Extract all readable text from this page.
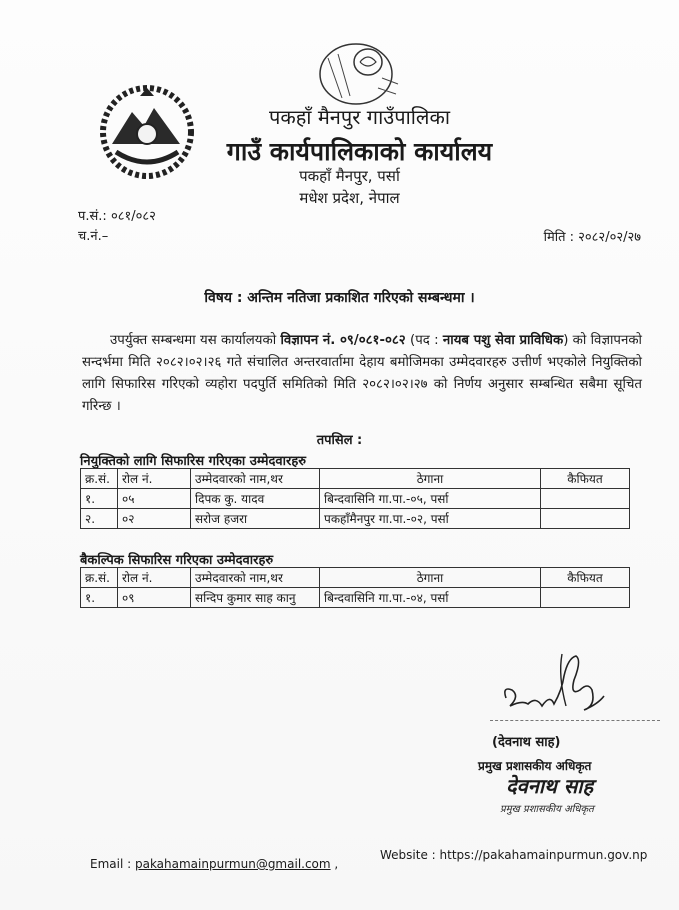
पकहाँ मैनपुर गाउँपालिका
गाउँ कार्यपालिकाको कार्यालय
पकहाँ मैनपुर, पर्सा
मधेश प्रदेश, नेपाल
प.सं.: ०८१/०८२
च.नं.–	मिति : २०८२/०२/२७
विषय : अन्तिम नतिजा प्रकाशित गरिएको सम्बन्धमा ।
उपर्युक्त सम्बन्धमा यस कार्यालयको विज्ञापन नं. ०९/०८१-०८२ (पद : नायब पशु सेवा प्राविधिक) को विज्ञापनको सन्दर्भमा मिति २०८२।०२।२६ गते संचालित अन्तरवार्तामा देहाय बमोजिमका उम्मेदवारहरु उत्तीर्ण भएकोले नियुक्तिको लागि सिफारिस गरिएको व्यहोरा पदपुर्ति समितिको मिति २०८२।०२।२७ को निर्णय अनुसार सम्बन्धित सबैमा सूचित गरिन्छ ।
तपसिल :
नियुक्तिको लागि सिफारिस गरिएका उम्मेदवारहरु
क्र.सं.	रोल नं.	उम्मेदवारको नाम,थर	ठेगाना	कैफियत
१.	०५	दिपक कु. यादव	बिन्दवासिनि गा.पा.-०५, पर्सा	
२.	०२	सरोज हजरा	पकहाँमैनपुर गा.पा.-०२, पर्सा	
बैकल्पिक सिफारिस गरिएका उम्मेदवारहरु
क्र.सं.	रोल नं.	उम्मेदवारको नाम,थर	ठेगाना	कैफियत
१.	०९	सन्दिप कुमार साह कानु	बिन्दवासिनि गा.पा.-०४, पर्सा	
(देवनाथ साह)
प्रमुख प्रशासकीय अधिकृत
देवनाथ साह
प्रमुख प्रशासकीय अधिकृत
Email : pakahamainpurmun@gmail.com ,
Website : https://pakahamainpurmun.gov.np
